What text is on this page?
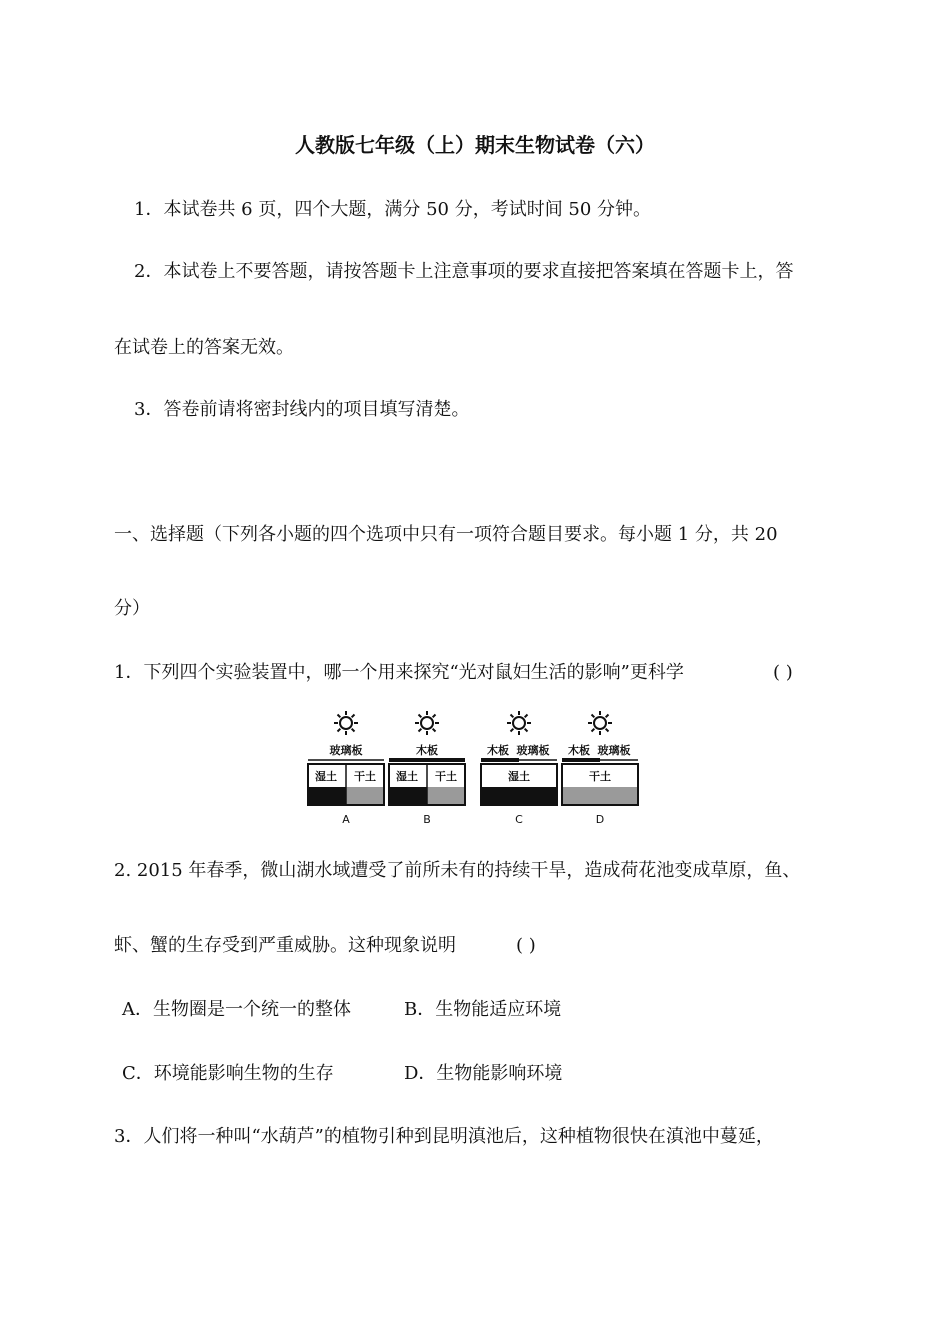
人教版七年级（上）期末生物试卷（六）
1．本试卷共 6 页，四个大题，满分 50 分，考试时间 50 分钟。
2．本试卷上不要答题，请按答题卡上注意事项的要求直接把答案填在答题卡上，答
在试卷上的答案无效。
3．答卷前请将密封线内的项目填写清楚。
一、选择题（下列各小题的四个选项中只有一项符合题目要求。每小题 1 分，共 20
分）
1．下列四个实验装置中，哪一个用来探究“光对鼠妇生活的影响”更科学	( )
玻璃板
湿土 干土
A
木板
湿土 干土
B
木板 玻璃板
湿土
C
木板 玻璃板
干土
D
2. 2015 年春季，微山湖水域遭受了前所未有的持续干旱，造成荷花池变成草原，鱼、
虾、蟹的生存受到严重威胁。这种现象说明	( )
A．生物圈是一个统一的整体	B．生物能适应环境
C．环境能影响生物的生存	D．生物能影响环境
3．人们将一种叫“水葫芦”的植物引种到昆明滇池后，这种植物很快在滇池中蔓延，
